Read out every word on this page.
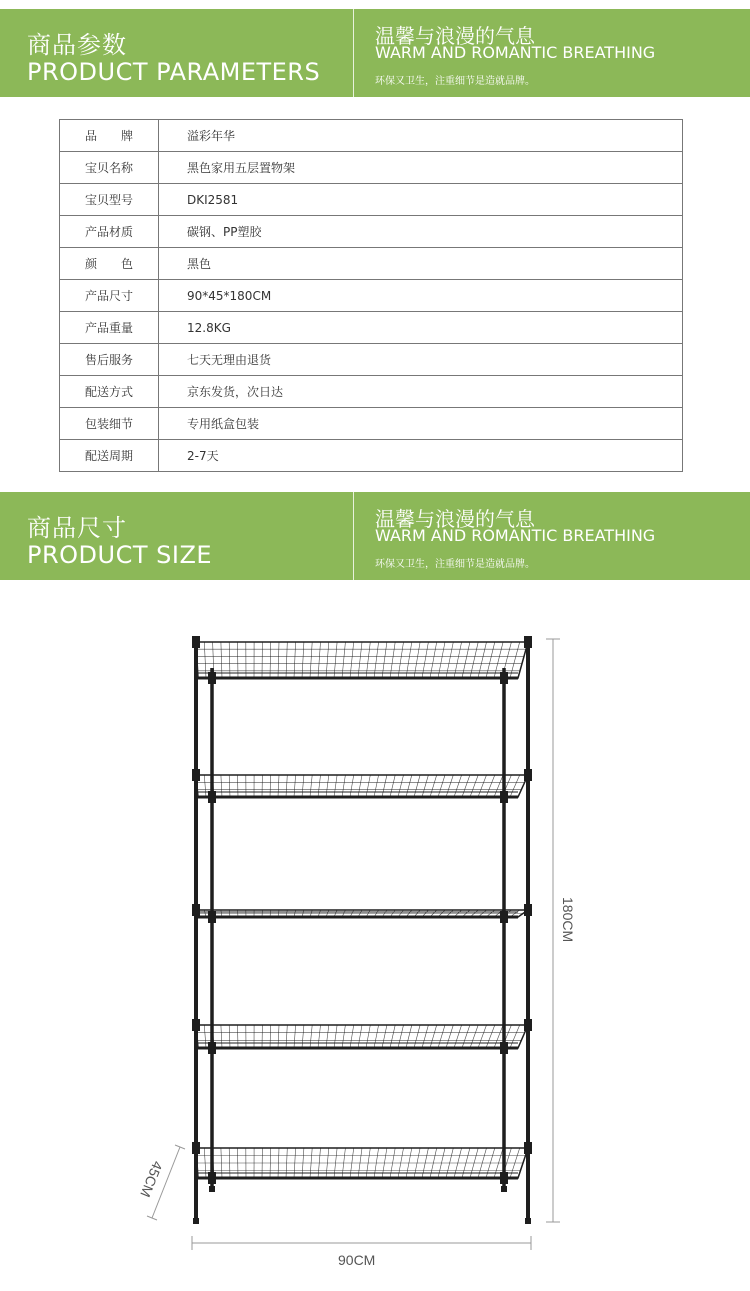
商品参数
PRODUCT PARAMETERS
温馨与浪漫的气息
WARM AND ROMANTIC BREATHING
环保又卫生，注重细节是造就品牌。
品　　牌	溢彩年华
宝贝名称	黑色家用五层置物架
宝贝型号	DKI2581
产品材质	碳钢、PP塑胶
颜　　色	黑色
产品尺寸	90*45*180CM
产品重量	12.8KG
售后服务	七天无理由退货
配送方式	京东发货，次日达
包装细节	专用纸盒包装
配送周期	2-7天
商品尺寸
PRODUCT SIZE
温馨与浪漫的气息
WARM AND ROMANTIC BREATHING
环保又卫生，注重细节是造就品牌。
180CM
90CM
45CM
